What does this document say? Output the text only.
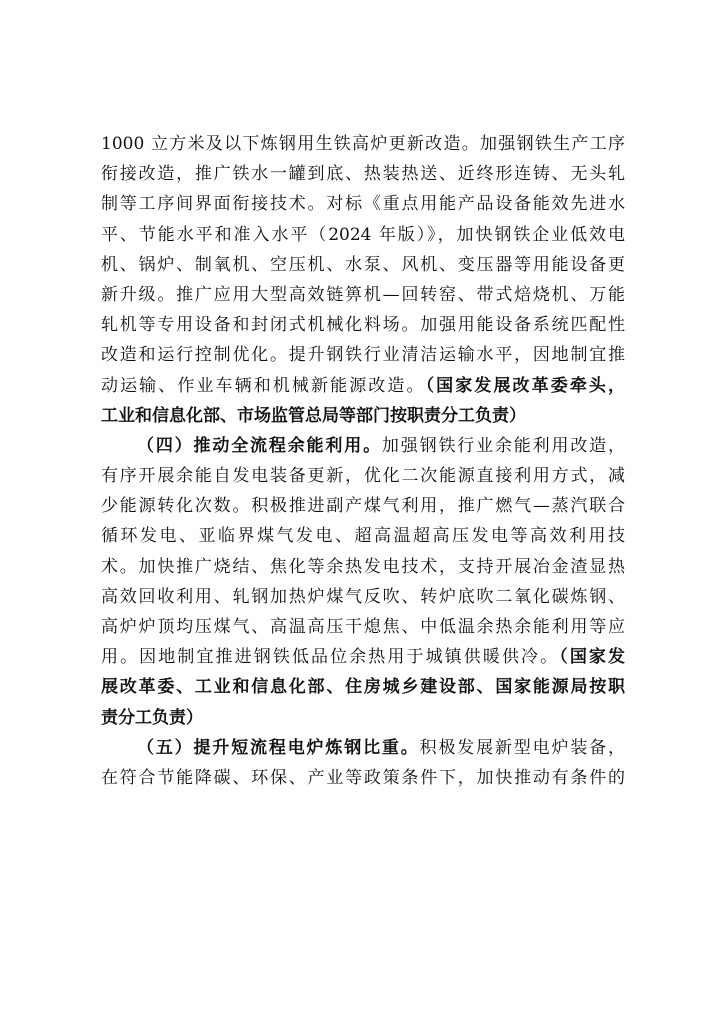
1000 立方米及以下炼钢用生铁高炉更新改造。加强钢铁生产工序
衔接改造，推广铁水一罐到底、热装热送、近终形连铸、无头轧
制等工序间界面衔接技术。对标《重点用能产品设备能效先进水
平、节能水平和准入水平（2024 年版）》，加快钢铁企业低效电
机、锅炉、制氧机、空压机、水泵、风机、变压器等用能设备更
新升级。推广应用大型高效链箅机—回转窑、带式焙烧机、万能
轧机等专用设备和封闭式机械化料场。加强用能设备系统匹配性
改造和运行控制优化。提升钢铁行业清洁运输水平，因地制宜推
动运输、作业车辆和机械新能源改造。（国家发展改革委牵头，
工业和信息化部、市场监管总局等部门按职责分工负责）
（四）推动全流程余能利用。加强钢铁行业余能利用改造，
有序开展余能自发电装备更新，优化二次能源直接利用方式，减
少能源转化次数。积极推进副产煤气利用，推广燃气—蒸汽联合
循环发电、亚临界煤气发电、超高温超高压发电等高效利用技
术。加快推广烧结、焦化等余热发电技术，支持开展冶金渣显热
高效回收利用、轧钢加热炉煤气反吹、转炉底吹二氧化碳炼钢、
高炉炉顶均压煤气、高温高压干熄焦、中低温余热余能利用等应
用。因地制宜推进钢铁低品位余热用于城镇供暖供冷。（国家发
展改革委、工业和信息化部、住房城乡建设部、国家能源局按职
责分工负责）
（五）提升短流程电炉炼钢比重。积极发展新型电炉装备，
在符合节能降碳、环保、产业等政策条件下，加快推动有条件的
